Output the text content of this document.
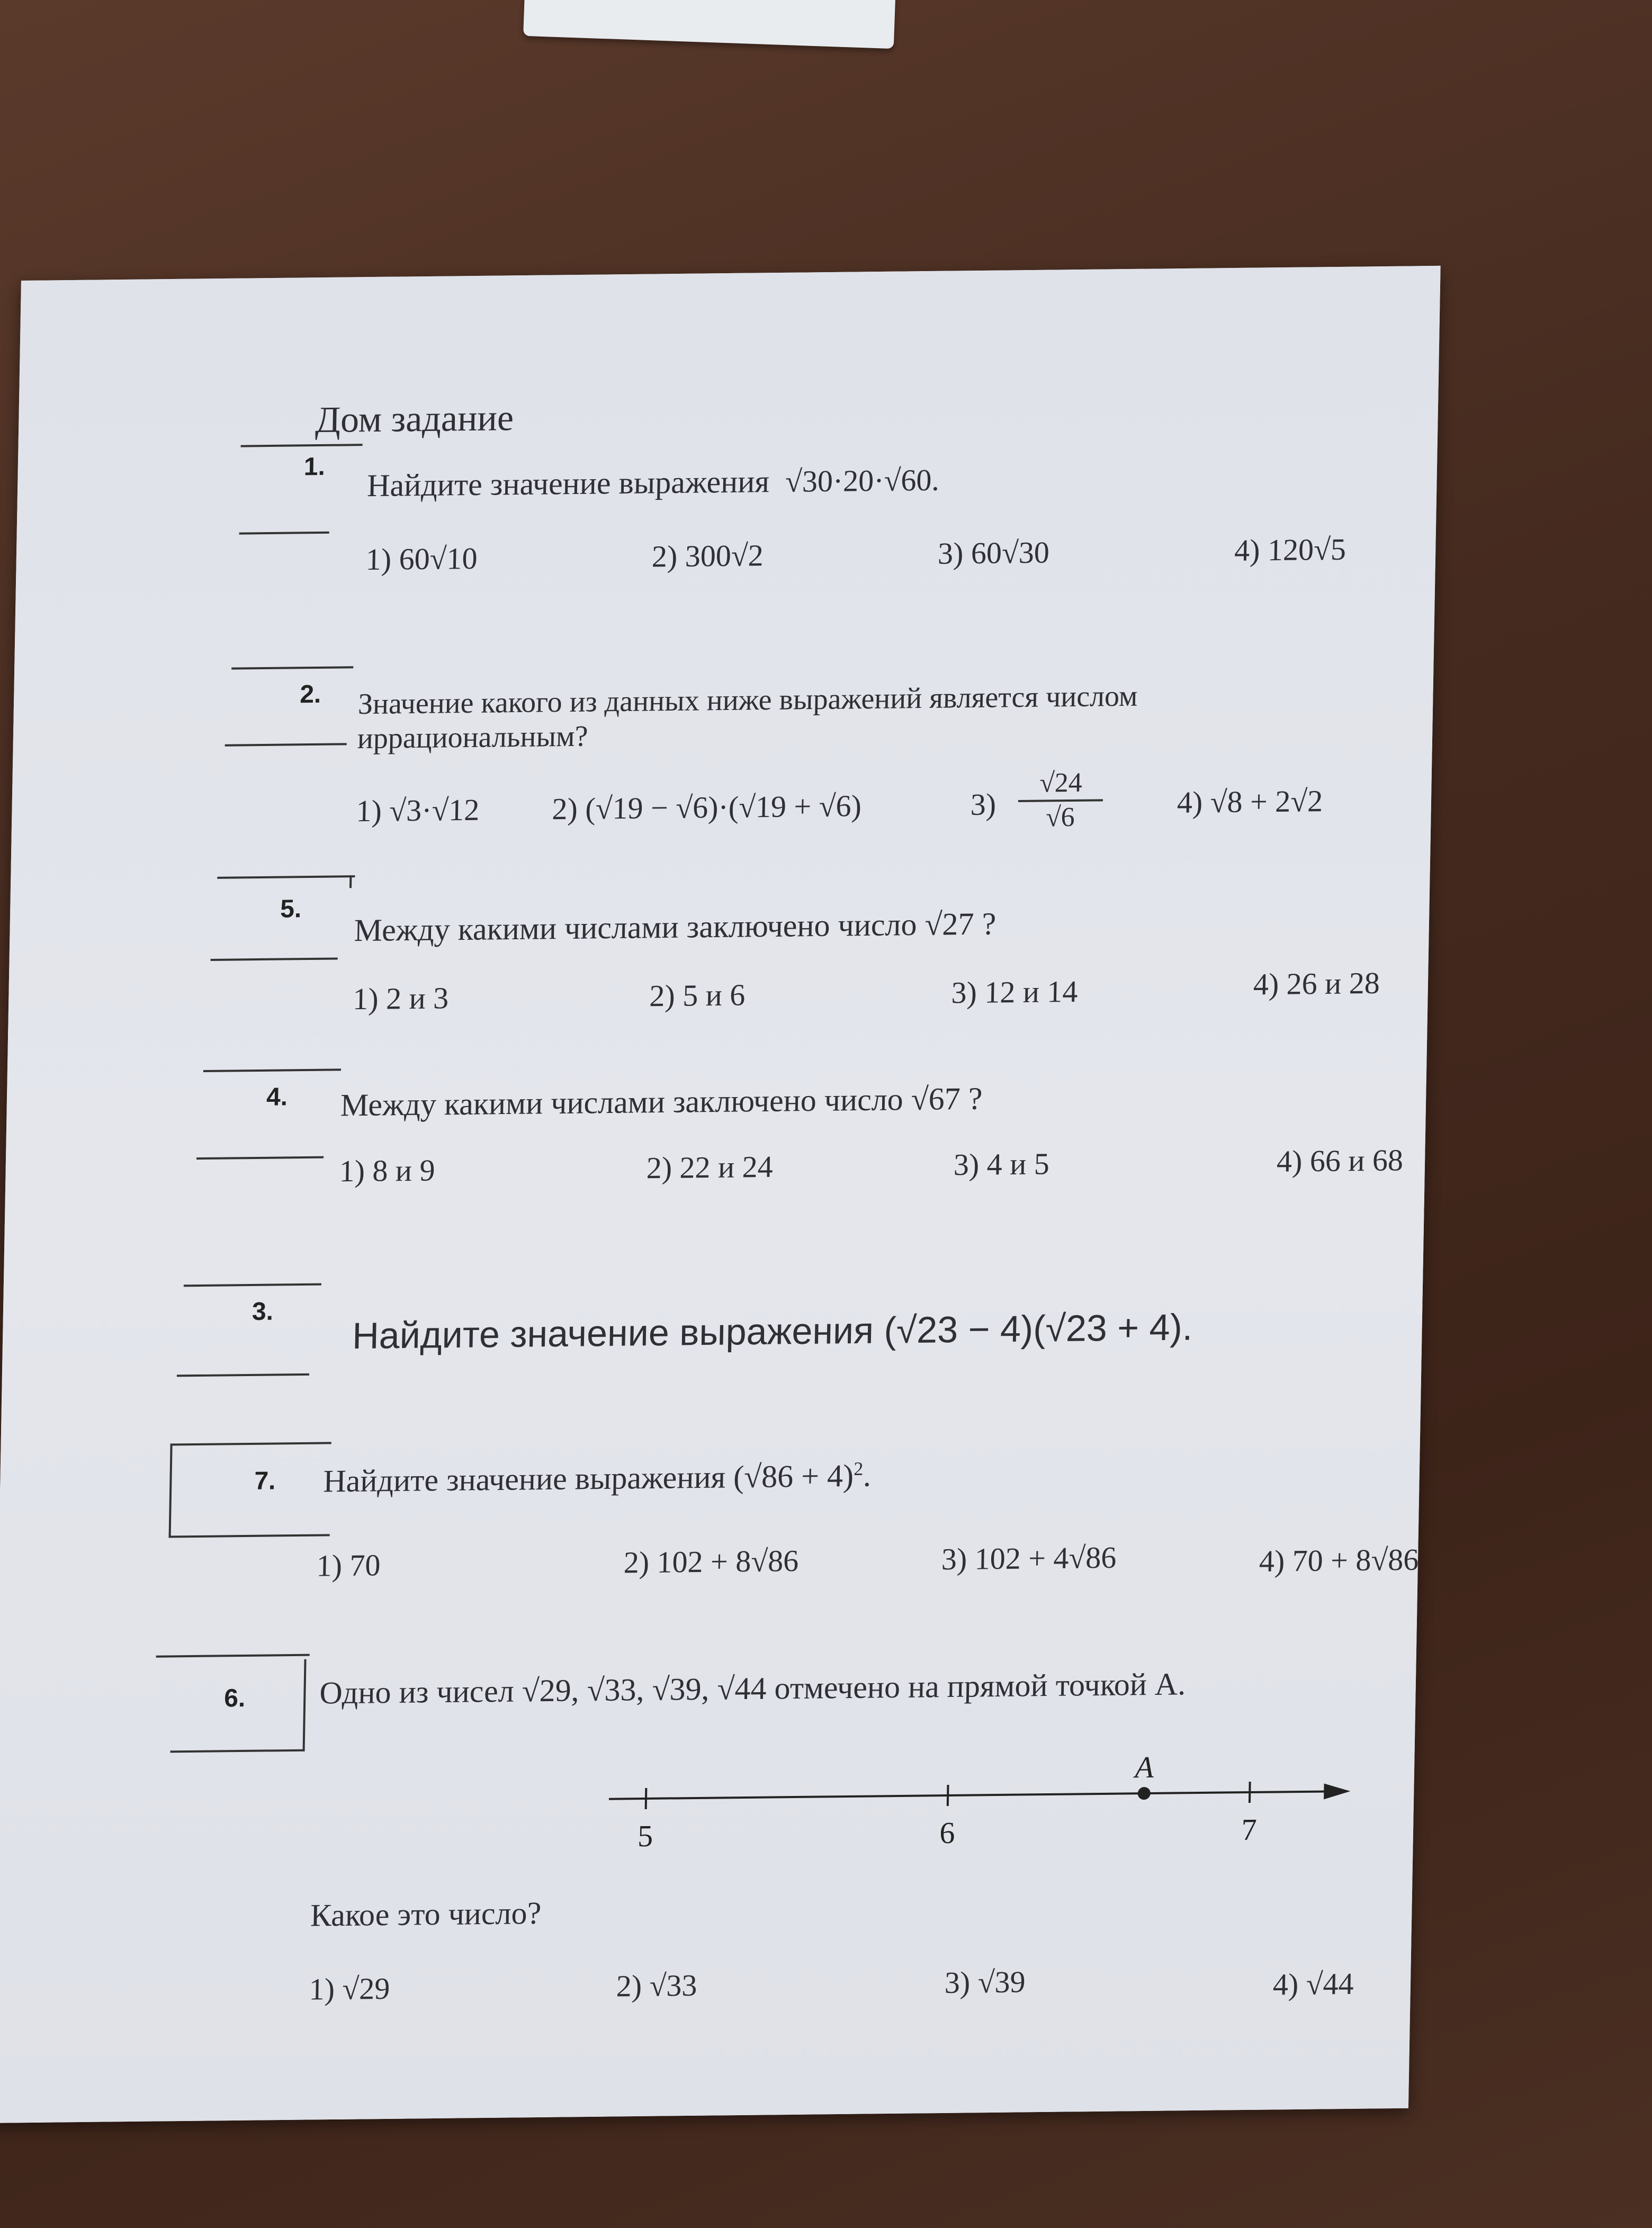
Дом задание
1. Найдите значение выражения √30·20·√60.
1) 60√10	2) 300√2	3) 60√30	4) 120√5
2. Значение какого из данных ниже выражений является числом
иррациональным?
1) √3·√12 2) (√19 − √6)·(√19 + √6)	$3) \frac{√24}{√6} 4$) √8 + 2√2
5. Между какими числами заключено число √27 ?
1) 2 и 3	2) 5 и 6	3) 12 и 14	4) 26 и 28
4. Между какими числами заключено число √67 ?
1) 8 и 9	2) 22 и 24	3) 4 и 5	4) 66 и 68
3. Найдите значение выражения (√23 − 4)(√23 + 4).
7. Найдите значение выражения $(√86 + 4)^2$.
1) 70	2) 102 + 8√86	3) 102 + 4√86	4) 70 + 8√86
6. Одно из чисел √29, √33, √39, √44 отмечено на прямой точкой A.
5	6	7
A
Какое это число?
1) √29	2) √33	3) √39	4) √44
